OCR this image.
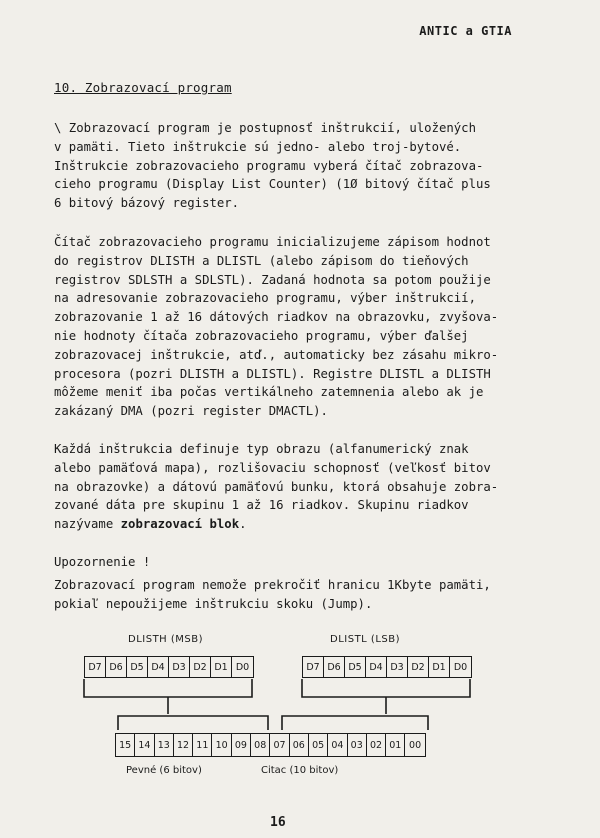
ANTIC a GTIA
10. Zobrazovací program
\ Zobrazovací program je postupnosť inštrukcií, uložených
v pamäti. Tieto inštrukcie sú jedno- alebo troj-bytové.
Inštrukcie zobrazovacieho programu vyberá čítač zobrazova-
cieho programu (Display List Counter) (1Ø bitový čítač plus
6 bitový bázový register.
Čítač zobrazovacieho programu inicializujeme zápisom hodnot
do registrov DLISTH a DLISTL (alebo zápisom do tieňových
registrov SDLSTH a SDLSTL). Zadaná hodnota sa potom použije
na adresovanie zobrazovacieho programu, výber inštrukcií,
zobrazovanie 1 až 16 dátových riadkov na obrazovku, zvyšova-
nie hodnoty čítača zobrazovacieho programu, výber ďalšej
zobrazovacej inštrukcie, atď., automaticky bez zásahu mikro-
procesora (pozri DLISTH a DLISTL). Registre DLISTL a DLISTH
môžeme meniť iba počas vertikálneho zatemnenia alebo ak je
zakázaný DMA (pozri register DMACTL).
Každá inštrukcia definuje typ obrazu (alfanumerický znak
alebo pamäťová mapa), rozlišovaciu schopnosť (veľkosť bitov
na obrazovke) a dátovú pamäťovú bunku, ktorá obsahuje zobra-
zované dáta pre skupinu 1 až 16 riadkov. Skupinu riadkov
nazývame zobrazovací blok.
Upozornenie !
Zobrazovací program nemože prekročiť hranicu 1Kbyte pamäti,
pokiaľ nepoužijeme inštrukciu skoku (Jump).
DLISTH (MSB)	DLISTL (LSB)
D7 D6 D5 D4 D3 D2 D1 D0	D7 D6 D5 D4 D3 D2 D1 D0
15 14 13 12 11 10 09 08 07 06 05 04 03 02 01 00
Pevné (6 bitov)	Citac (10 bitov)
16
